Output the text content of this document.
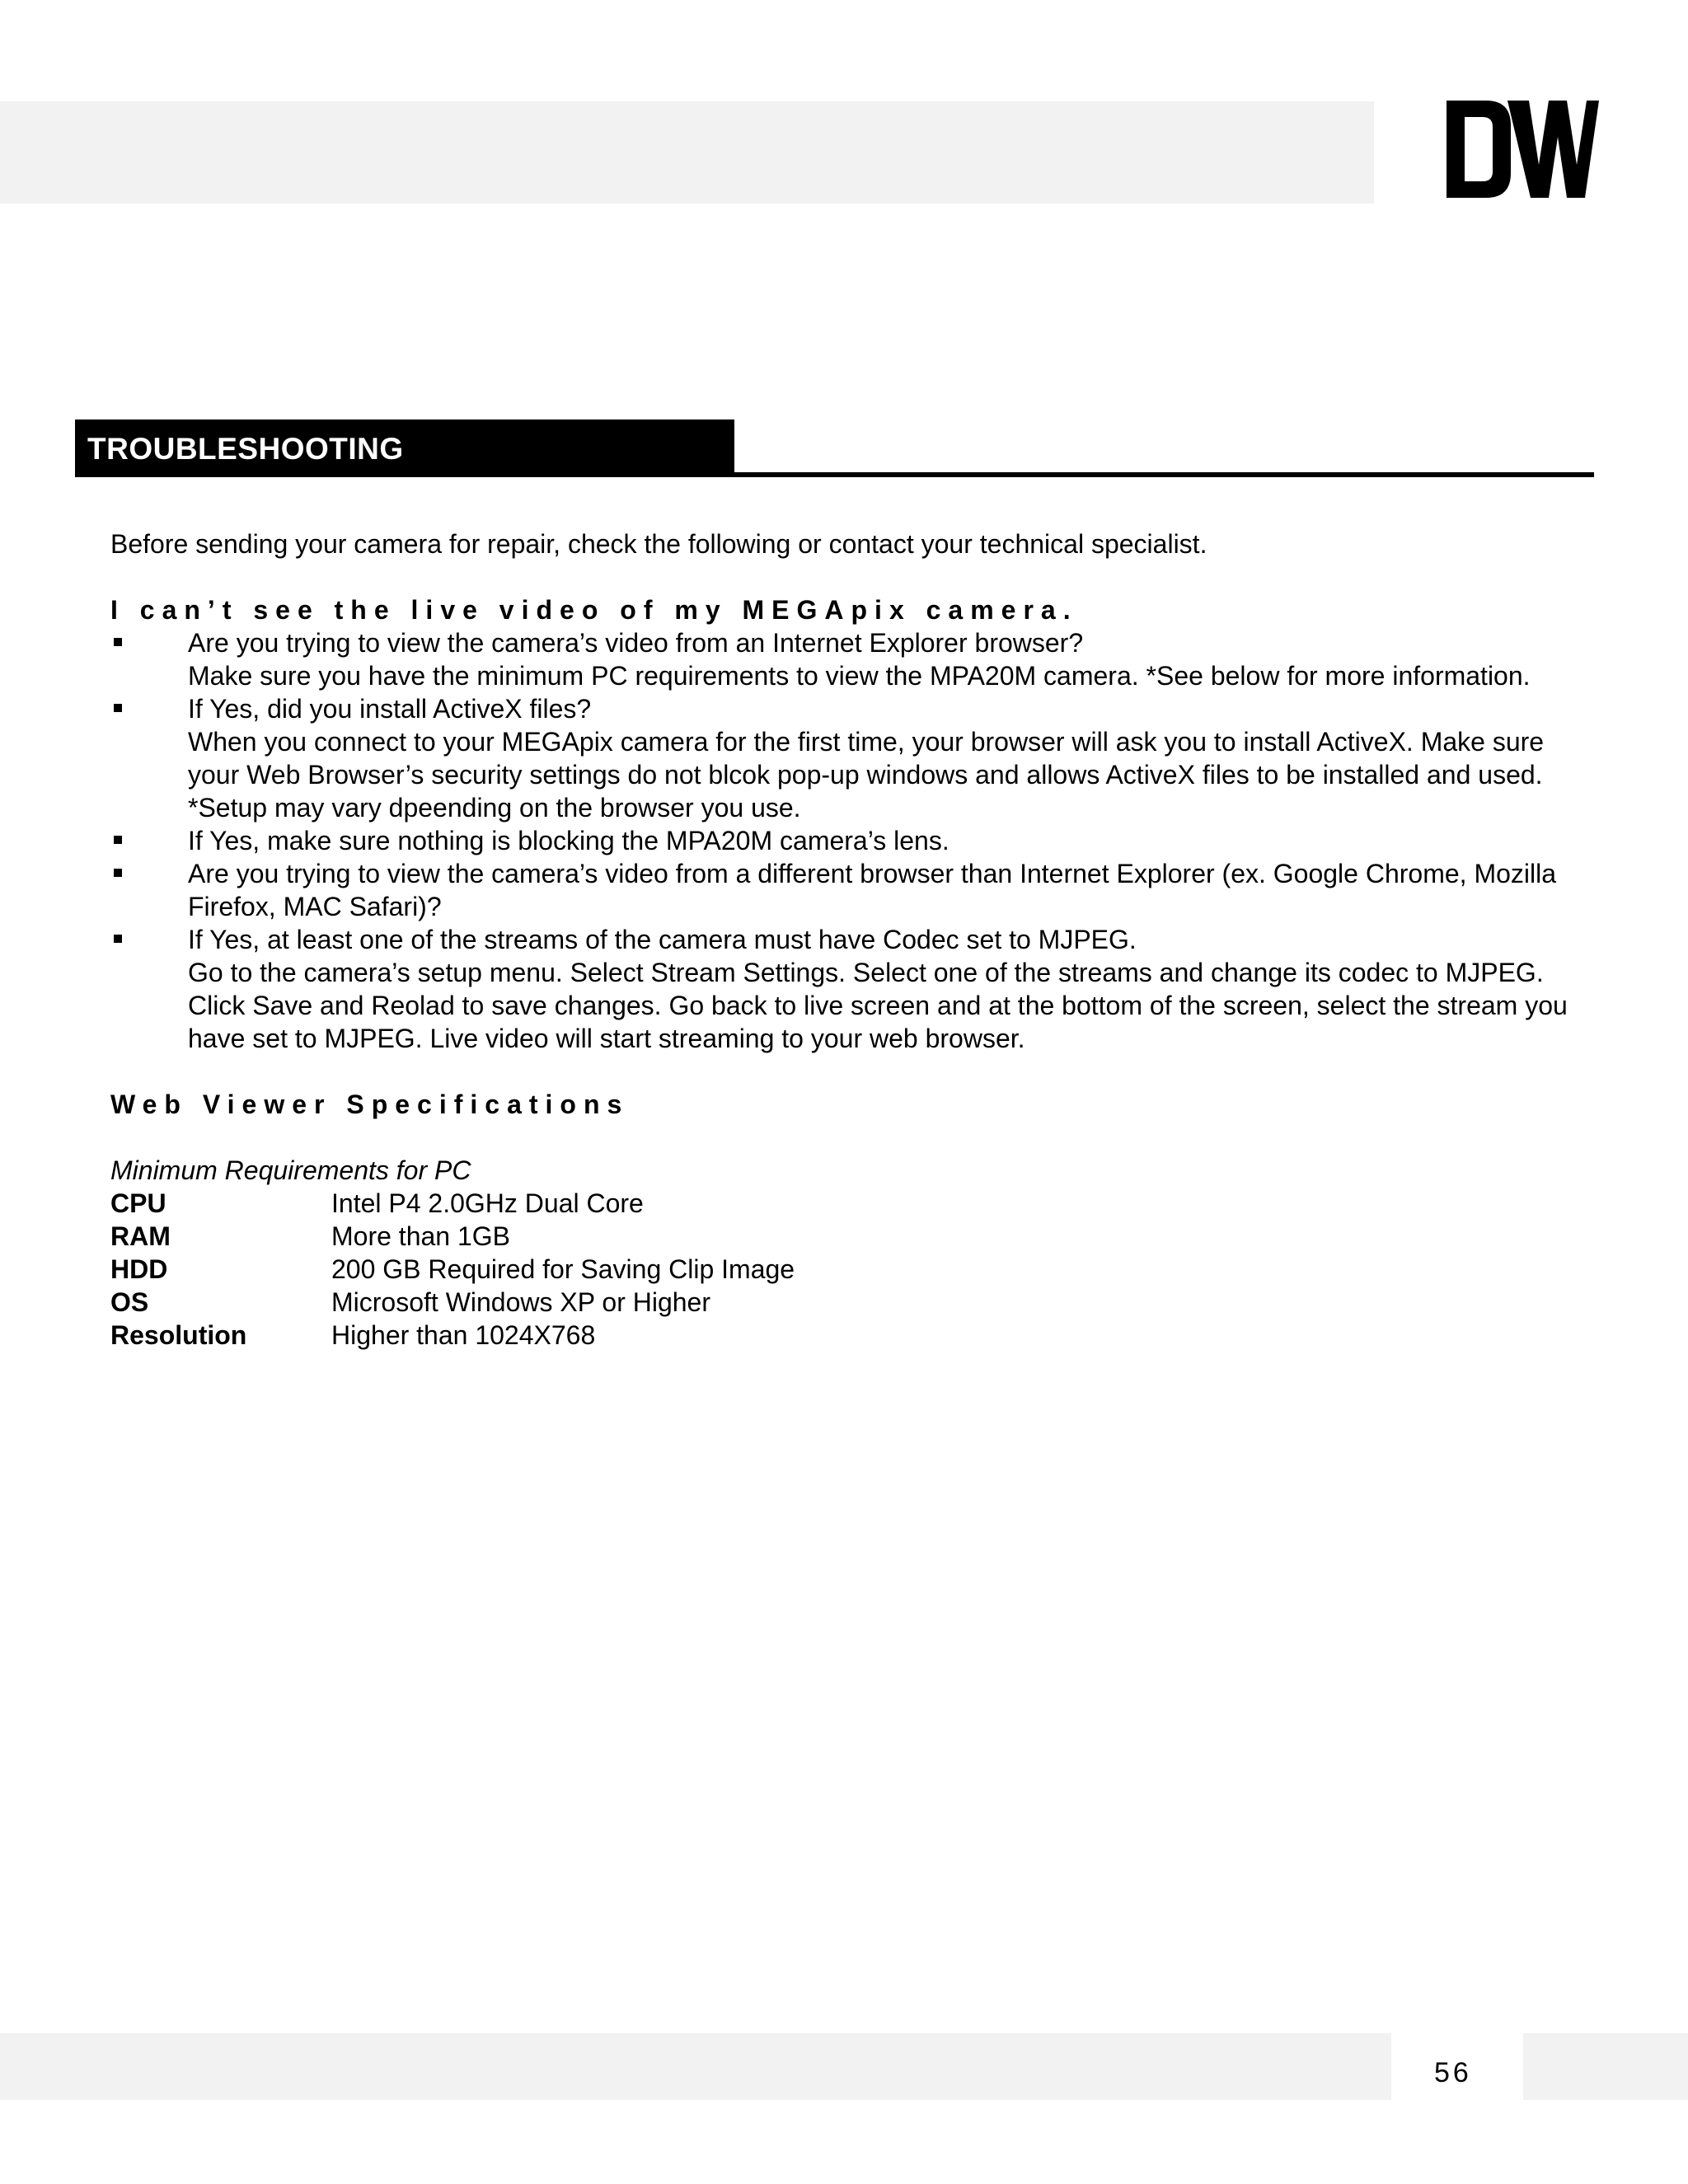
TROUBLESHOOTING

Before sending your camera for repair, check the following or contact your technical specialist.

I can’t see the live video of my MEGApix camera.
Are you trying to view the camera’s video from an Internet Explorer browser?
Make sure you have the minimum PC requirements to view the MPA20M camera. *See below for more information.
If Yes, did you install ActiveX files?
When you connect to your MEGApix camera for the first time, your browser will ask you to install ActiveX. Make sure your Web Browser’s security settings do not blcok pop-up windows and allows ActiveX files to be installed and used. *Setup may vary dpeending on the browser you use.
If Yes, make sure nothing is blocking the MPA20M camera’s lens.
Are you trying to view the camera’s video from a different browser than Internet Explorer (ex. Google Chrome, Mozilla Firefox, MAC Safari)?
If Yes, at least one of the streams of the camera must have Codec set to MJPEG.
Go to the camera’s setup menu. Select Stream Settings. Select one of the streams and change its codec to MJPEG. Click Save and Reolad to save changes. Go back to live screen and at the bottom of the screen, select the stream you have set to MJPEG. Live video will start streaming to your web browser.
Web Viewer Specifications
Minimum Requirements for PC
CPU	Intel P4 2.0GHz Dual Core
RAM	More than 1GB
HDD	200 GB Required for Saving Clip Image
OS	Microsoft Windows XP or Higher
Resolution	Higher than 1024X768
56
